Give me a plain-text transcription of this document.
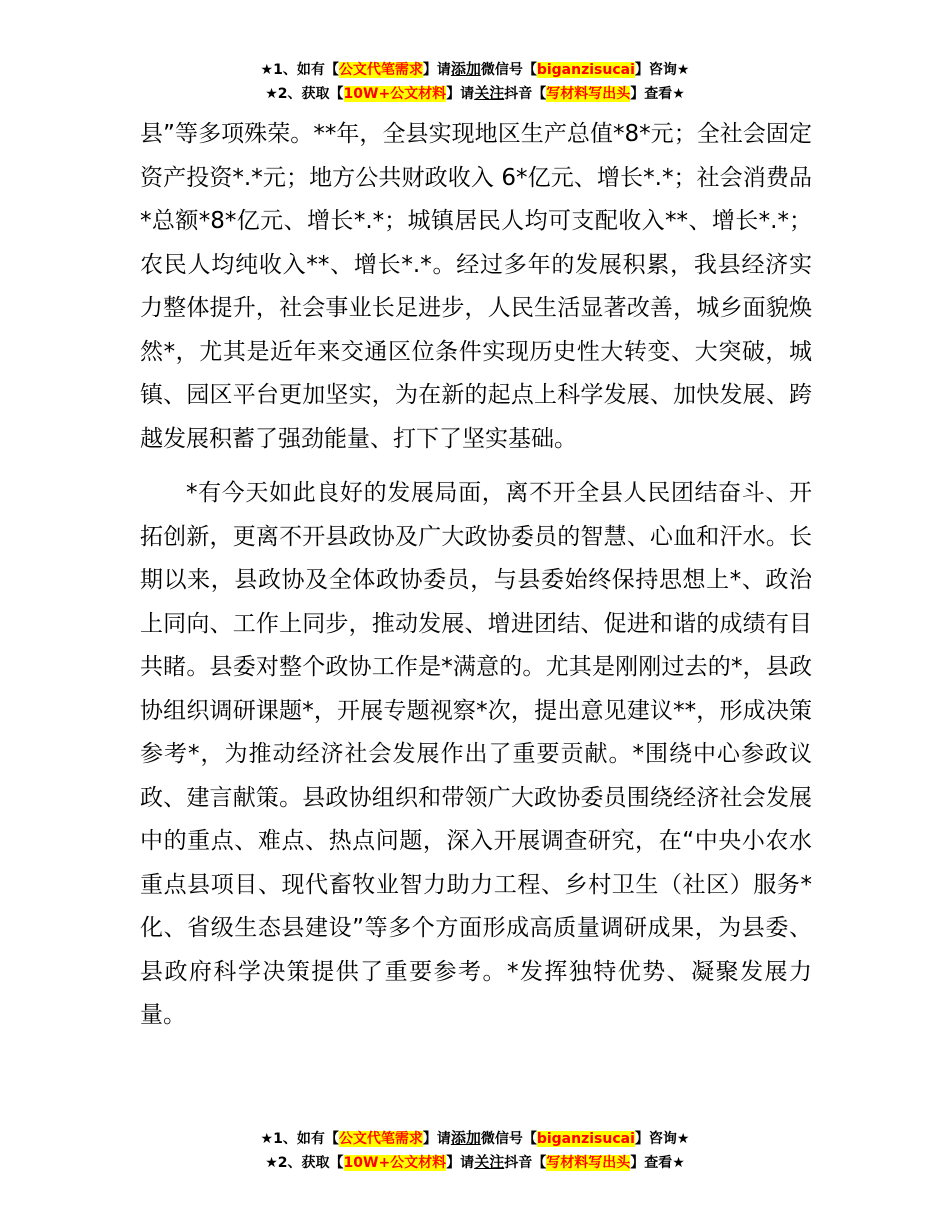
★1、如有【公文代笔需求】请添加微信号【biganzisucai】咨询★
★2、获取【10W+公文材料】请关注抖音【写材料写出头】查看★

县”等多项殊荣。**年，全县实现地区生产总值*8*元；全社会固定资产投资*.*元；地方公共财政收入 6*亿元、增长*.*；社会消费品*总额*8*亿元、增长*.*；城镇居民人均可支配收入**、增长*.*；农民人均纯收入**、增长*.*。经过多年的发展积累，我县经济实力整体提升，社会事业长足进步，人民生活显著改善，城乡面貌焕然*，尤其是近年来交通区位条件实现历史性大转变、大突破，城镇、园区平台更加坚实，为在新的起点上科学发展、加快发展、跨越发展积蓄了强劲能量、打下了坚实基础。

*有今天如此良好的发展局面，离不开全县人民团结奋斗、开拓创新，更离不开县政协及广大政协委员的智慧、心血和汗水。长期以来，县政协及全体政协委员，与县委始终保持思想上*、政治上同向、工作上同步，推动发展、增进团结、促进和谐的成绩有目共睹。县委对整个政协工作是*满意的。尤其是刚刚过去的*，县政协组织调研课题*，开展专题视察*次，提出意见建议**，形成决策参考*，为推动经济社会发展作出了重要贡献。*围绕中心参政议政、建言献策。县政协组织和带领广大政协委员围绕经济社会发展中的重点、难点、热点问题，深入开展调查研究，在“中央小农水重点县项目、现代畜牧业智力助力工程、乡村卫生（社区）服务*化、省级生态县建设”等多个方面形成高质量调研成果，为县委、县政府科学决策提供了重要参考。*发挥独特优势、凝聚发展力量。

★1、如有【公文代笔需求】请添加微信号【biganzisucai】咨询★
★2、获取【10W+公文材料】请关注抖音【写材料写出头】查看★
